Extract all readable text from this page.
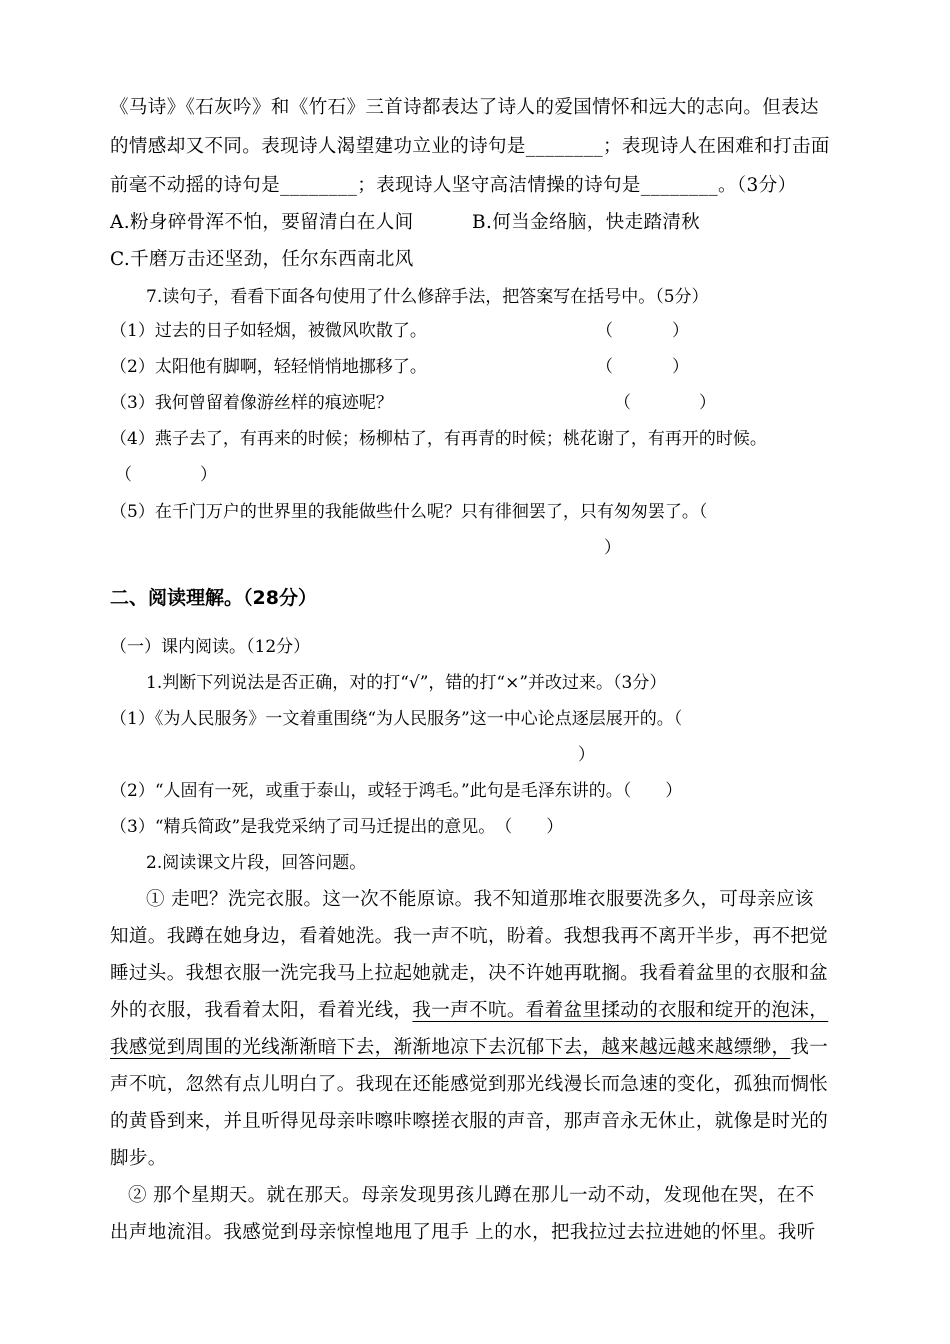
《马诗》《石灰吟》和《竹石》三首诗都表达了诗人的爱国情怀和远大的志向。但表达
的情感却又不同。表现诗人渴望建功立业的诗句是________；表现诗人在困难和打击面
前毫不动摇的诗句是________；表现诗人坚守高洁情操的诗句是________。（3分）
A.粉身碎骨浑不怕，要留清白在人间	B.何当金络脑，快走踏清秋
C.千磨万击还坚劲，任尔东西南北风
7.读句子，看看下面各句使用了什么修辞手法，把答案写在括号中。（5分）
（1）过去的日子如轻烟，被微风吹散了。	（	）
（2）太阳他有脚啊，轻轻悄悄地挪移了。	（	）
（3）我何曾留着像游丝样的痕迹呢？	（	）
（4）燕子去了，有再来的时候；杨柳枯了，有再青的时候；桃花谢了，有再开的时候。
（	）
（5）在千门万户的世界里的我能做些什么呢？只有徘徊罢了，只有匆匆罢了。（
）
二、阅读理解。（28分）
（一）课内阅读。（12分）
1.判断下列说法是否正确，对的打“√”，错的打“×”并改过来。（3分）
（1）《为人民服务》一文着重围绕“为人民服务”这一中心论点逐层展开的。（
）
（2）“人固有一死，或重于泰山，或轻于鸿毛。”此句是毛泽东讲的。（　　）
（3）“精兵简政”是我党采纳了司马迁提出的意见。　（　　）
2.阅读课文片段，回答问题。
① 走吧？洗完衣服。这一次不能原谅。我不知道那堆衣服要洗多久，可母亲应该
知道。我蹲在她身边，看着她洗。我一声不吭，盼着。我想我再不离开半步，再不把觉
睡过头。我想衣服一洗完我马上拉起她就走，决不许她再耽搁。我看着盆里的衣服和盆
外的衣服，我看着太阳，看着光线，我一声不吭。看着盆里揉动的衣服和绽开的泡沫，
我感觉到周围的光线渐渐暗下去，渐渐地凉下去沉郁下去，越来越远越来越缥缈，我一
声不吭，忽然有点儿明白了。我现在还能感觉到那光线漫长而急速的变化，孤独而惆怅
的黄昏到来，并且听得见母亲咔嚓咔嚓搓衣服的声音，那声音永无休止，就像是时光的
脚步。
② 那个星期天。就在那天。母亲发现男孩儿蹲在那儿一动不动，发现他在哭，在不
出声地流泪。我感觉到母亲惊惶地甩了甩手 上的水，把我拉过去拉进她的怀里。我听
